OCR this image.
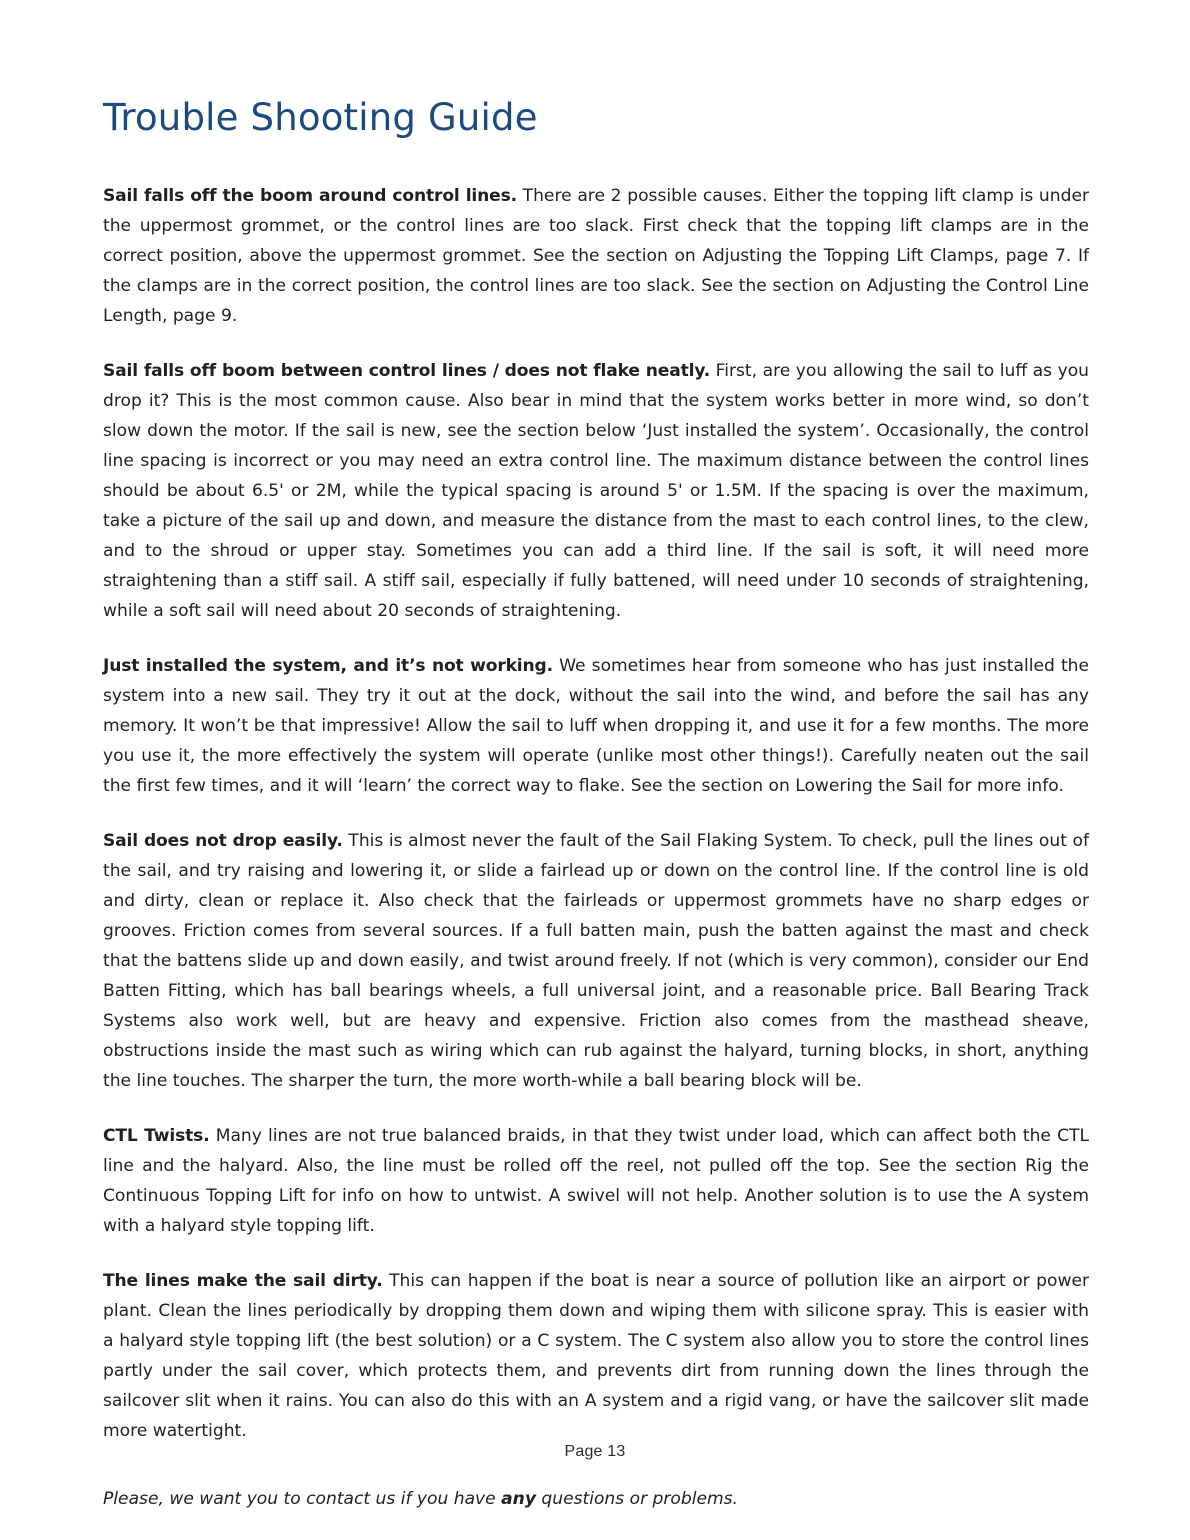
Trouble Shooting Guide

Sail falls off the boom around control lines. There are 2 possible causes. Either the topping lift clamp is under the uppermost grommet, or the control lines are too slack. First check that the topping lift clamps are in the correct position, above the uppermost grommet. See the section on Adjusting the Topping Lift Clamps, page 7. If the clamps are in the correct position, the control lines are too slack. See the section on Adjusting the Control Line Length, page 9.

Sail falls off boom between control lines / does not flake neatly. First, are you allowing the sail to luff as you drop it? This is the most common cause. Also bear in mind that the system works better in more wind, so don’t slow down the motor. If the sail is new, see the section below ‘Just installed the system’. Occasionally, the control line spacing is incorrect or you may need an extra control line. The maximum distance between the control lines should be about 6.5' or 2M, while the typical spacing is around 5' or 1.5M. If the spacing is over the maximum, take a picture of the sail up and down, and measure the distance from the mast to each control lines, to the clew, and to the shroud or upper stay. Sometimes you can add a third line. If the sail is soft, it will need more straightening than a stiff sail. A stiff sail, especially if fully battened, will need under 10 seconds of straightening, while a soft sail will need about 20 seconds of straightening.

Just installed the system, and it’s not working. We sometimes hear from someone who has just installed the system into a new sail. They try it out at the dock, without the sail into the wind, and before the sail has any memory. It won’t be that impressive! Allow the sail to luff when dropping it, and use it for a few months. The more you use it, the more effectively the system will operate (unlike most other things!). Carefully neaten out the sail the first few times, and it will ‘learn’ the correct way to flake. See the section on Lowering the Sail for more info.

Sail does not drop easily. This is almost never the fault of the Sail Flaking System. To check, pull the lines out of the sail, and try raising and lowering it, or slide a fairlead up or down on the control line. If the control line is old and dirty, clean or replace it. Also check that the fairleads or uppermost grommets have no sharp edges or grooves. Friction comes from several sources. If a full batten main, push the batten against the mast and check that the battens slide up and down easily, and twist around freely. If not (which is very common), consider our End Batten Fitting, which has ball bearings wheels, a full universal joint, and a reasonable price. Ball Bearing Track Systems also work well, but are heavy and expensive. Friction also comes from the masthead sheave, obstructions inside the mast such as wiring which can rub against the halyard, turning blocks, in short, anything the line touches. The sharper the turn, the more worth-while a ball bearing block will be.

CTL Twists. Many lines are not true balanced braids, in that they twist under load, which can affect both the CTL line and the halyard. Also, the line must be rolled off the reel, not pulled off the top. See the section Rig the Continuous Topping Lift for info on how to untwist. A swivel will not help. Another solution is to use the A system with a halyard style topping lift.

The lines make the sail dirty. This can happen if the boat is near a source of pollution like an airport or power plant. Clean the lines periodically by dropping them down and wiping them with silicone spray. This is easier with a halyard style topping lift (the best solution) or a C system. The C system also allow you to store the control lines partly under the sail cover, which protects them, and prevents dirt from running down the lines through the sailcover slit when it rains. You can also do this with an A system and a rigid vang, or have the sailcover slit made more watertight.

Please, we want you to contact us if you have any questions or problems.

Page 13
